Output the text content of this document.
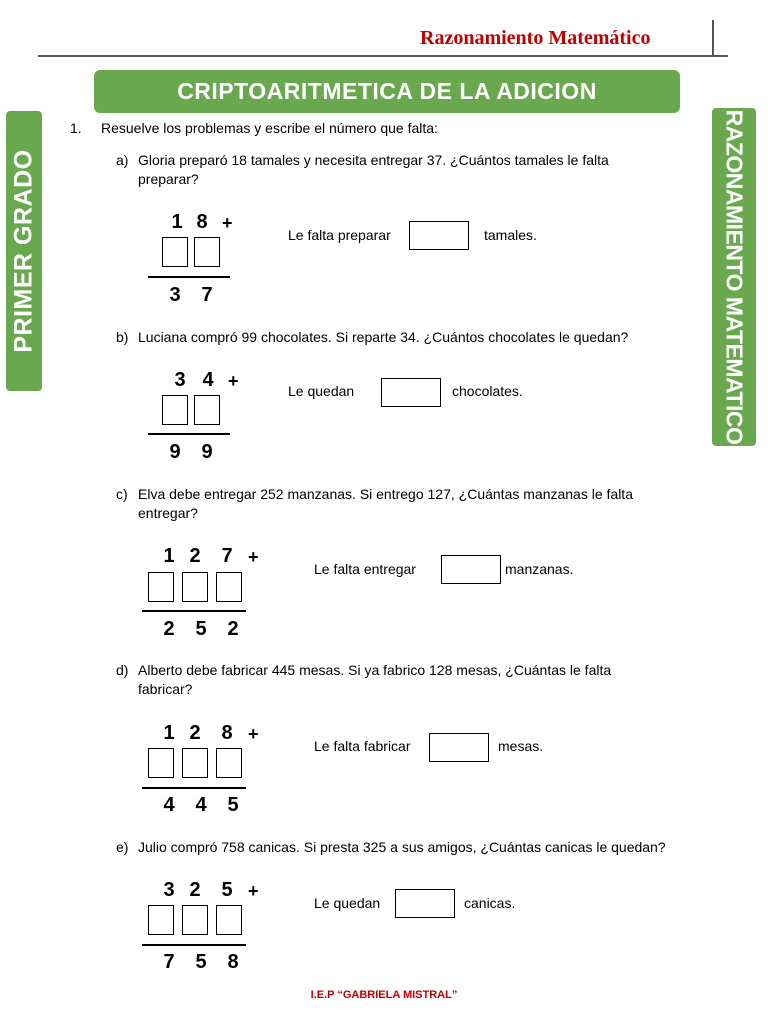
Razonamiento Matemático
CRIPTOARITMETICA DE LA ADICION
PRIMER GRADO	RAZONAMIENTO MATEMATICO
1. Resuelve los problemas y escribe el número que falta:
a) Gloria preparó 18 tamales y necesita entregar 37. ¿Cuántos tamales le falta
preparar?
1 8 +
3 7
Le falta preparar	tamales.
b) Luciana compró 99 chocolates. Si reparte 34. ¿Cuántos chocolates le quedan?
3 4 +
9 9
Le quedan	chocolates.
c) Elva debe entregar 252 manzanas. Si entrego 127, ¿Cuántas manzanas le falta
entregar?
1 2 7 +
2 5 2
Le falta entregar	manzanas.
d) Alberto debe fabricar 445 mesas. Si ya fabrico 128 mesas, ¿Cuántas le falta
fabricar?
1 2 8 +
4 4 5
Le falta fabricar	mesas.
e) Julio compró 758 canicas. Si presta 325 a sus amigos, ¿Cuántas canicas le quedan?
3 2 5 +
7 5 8
Le quedan	canicas.
I.E.P “GABRIELA MISTRAL”
